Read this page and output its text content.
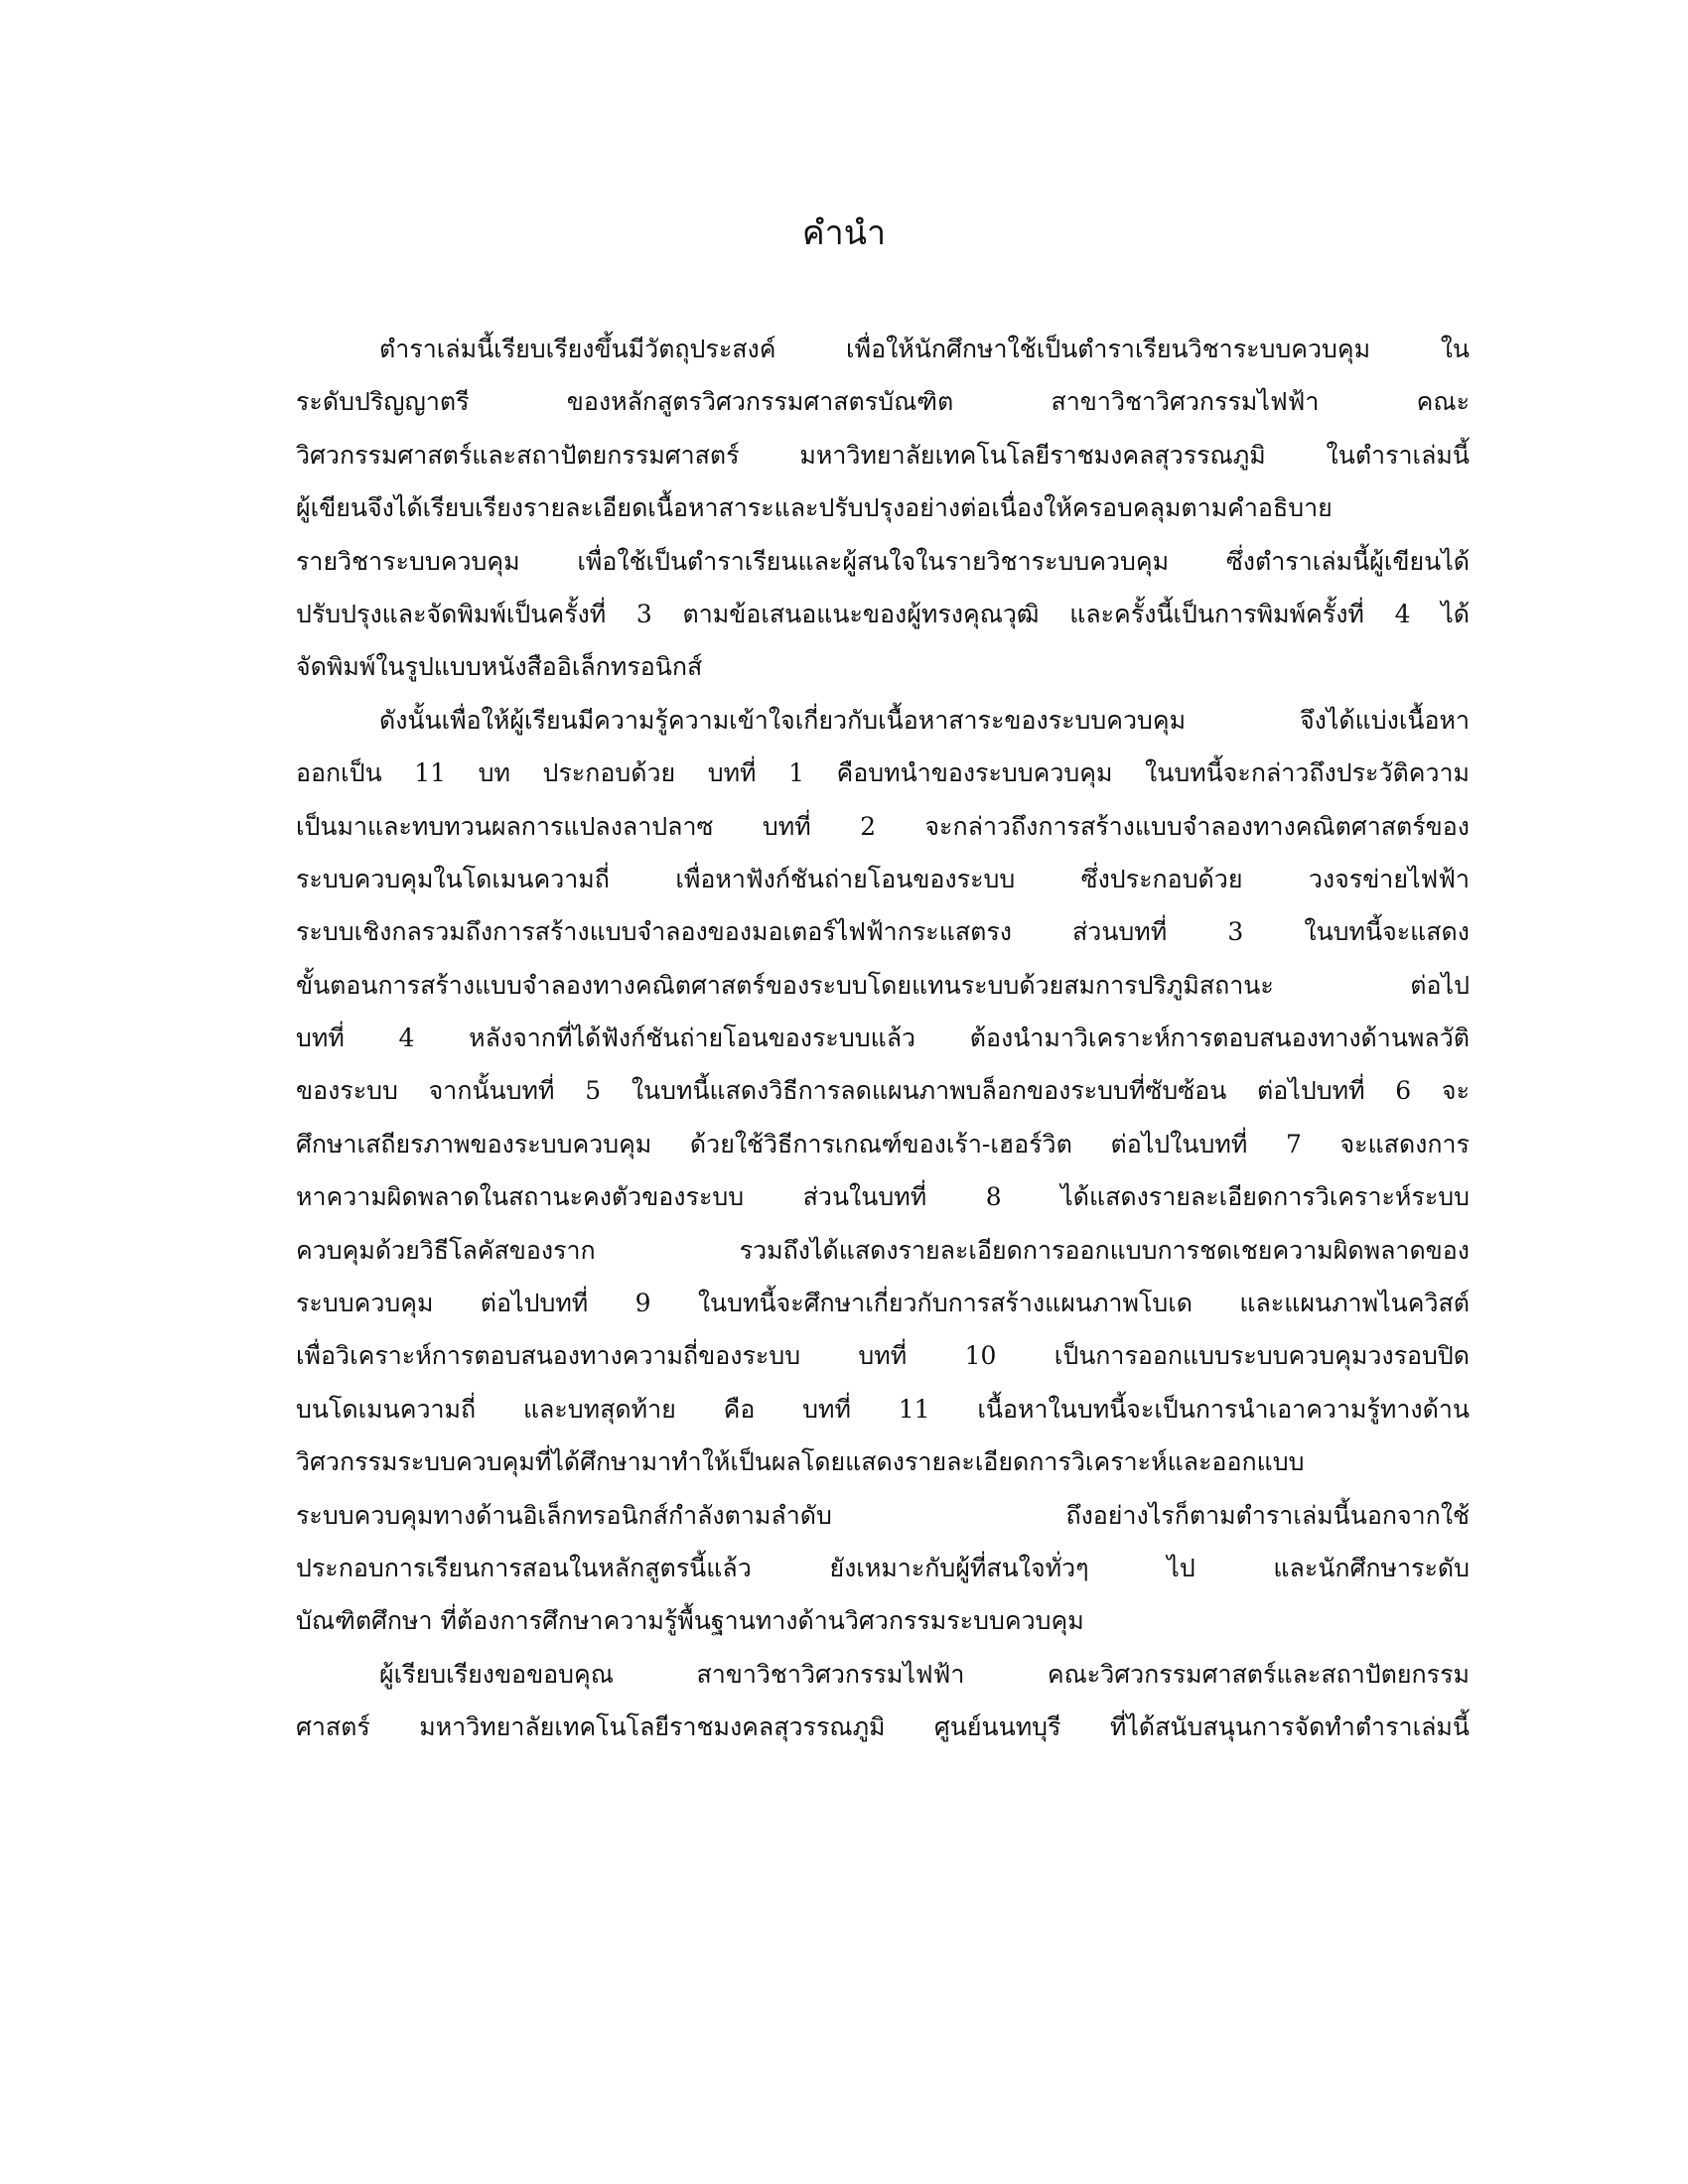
คำนำ
ตำราเล่มนี้เรียบเรียงขึ้นมีวัตถุประสงค์ เพื่อให้นักศึกษาใช้เป็นตำราเรียนวิชาระบบควบคุม ใน
ระดับปริญญาตรี ของหลักสูตรวิศวกรรมศาสตรบัณฑิต สาขาวิชาวิศวกรรมไฟฟ้า คณะ
วิศวกรรมศาสตร์และสถาปัตยกรรมศาสตร์ มหาวิทยาลัยเทคโนโลยีราชมงคลสุวรรณภูมิ ในตำราเล่มนี้
ผู้เขียนจึงได้เรียบเรียงรายละเอียดเนื้อหาสาระและปรับปรุงอย่างต่อเนื่องให้ครอบคลุมตามคำอธิบาย
รายวิชาระบบควบคุม เพื่อใช้เป็นตำราเรียนและผู้สนใจในรายวิชาระบบควบคุม ซึ่งตำราเล่มนี้ผู้เขียนได้
ปรับปรุงและจัดพิมพ์เป็นครั้งที่ 3 ตามข้อเสนอแนะของผู้ทรงคุณวุฒิ และครั้งนี้เป็นการพิมพ์ครั้งที่ 4 ได้
จัดพิมพ์ในรูปแบบหนังสืออิเล็กทรอนิกส์
ดังนั้นเพื่อให้ผู้เรียนมีความรู้ความเข้าใจเกี่ยวกับเนื้อหาสาระของระบบควบคุม จึงได้แบ่งเนื้อหา
ออกเป็น 11 บท ประกอบด้วย บทที่ 1 คือบทนำของระบบควบคุม ในบทนี้จะกล่าวถึงประวัติความ
เป็นมาและทบทวนผลการแปลงลาปลาซ บทที่ 2 จะกล่าวถึงการสร้างแบบจำลองทางคณิตศาสตร์ของ
ระบบควบคุมในโดเมนความถี่ เพื่อหาฟังก์ชันถ่ายโอนของระบบ ซึ่งประกอบด้วย วงจรข่ายไฟฟ้า
ระบบเชิงกลรวมถึงการสร้างแบบจำลองของมอเตอร์ไฟฟ้ากระแสตรง ส่วนบทที่ 3 ในบทนี้จะแสดง
ขั้นตอนการสร้างแบบจำลองทางคณิตศาสตร์ของระบบโดยแทนระบบด้วยสมการปริภูมิสถานะ ต่อไป
บทที่ 4 หลังจากที่ได้ฟังก์ชันถ่ายโอนของระบบแล้ว ต้องนำมาวิเคราะห์การตอบสนองทางด้านพลวัติ
ของระบบ จากนั้นบทที่ 5 ในบทนี้แสดงวิธีการลดแผนภาพบล็อกของระบบที่ซับซ้อน ต่อไปบทที่ 6 จะ
ศึกษาเสถียรภาพของระบบควบคุม ด้วยใช้วิธีการเกณฑ์ของเร้า-เฮอร์วิต ต่อไปในบทที่ 7 จะแสดงการ
หาความผิดพลาดในสถานะคงตัวของระบบ ส่วนในบทที่ 8 ได้แสดงรายละเอียดการวิเคราะห์ระบบ
ควบคุมด้วยวิธีโลคัสของราก รวมถึงได้แสดงรายละเอียดการออกแบบการชดเชยความผิดพลาดของ
ระบบควบคุม ต่อไปบทที่ 9 ในบทนี้จะศึกษาเกี่ยวกับการสร้างแผนภาพโบเด และแผนภาพไนควิสต์
เพื่อวิเคราะห์การตอบสนองทางความถี่ของระบบ บทที่ 10 เป็นการออกแบบระบบควบคุมวงรอบปิด
บนโดเมนความถี่ และบทสุดท้าย คือ บทที่ 11 เนื้อหาในบทนี้จะเป็นการนำเอาความรู้ทางด้าน
วิศวกรรมระบบควบคุมที่ได้ศึกษามาทำให้เป็นผลโดยแสดงรายละเอียดการวิเคราะห์และออกแบบ
ระบบควบคุมทางด้านอิเล็กทรอนิกส์กำลังตามลำดับ ถึงอย่างไรก็ตามตำราเล่มนี้นอกจากใช้
ประกอบการเรียนการสอนในหลักสูตรนี้แล้ว ยังเหมาะกับผู้ที่สนใจทั่วๆ ไป และนักศึกษาระดับ
บัณฑิตศึกษา ที่ต้องการศึกษาความรู้พื้นฐานทางด้านวิศวกรรมระบบควบคุม
ผู้เรียบเรียงขอขอบคุณ สาขาวิชาวิศวกรรมไฟฟ้า คณะวิศวกรรมศาสตร์และสถาปัตยกรรม
ศาสตร์ มหาวิทยาลัยเทคโนโลยีราชมงคลสุวรรณภูมิ ศูนย์นนทบุรี ที่ได้สนับสนุนการจัดทำตำราเล่มนี้
